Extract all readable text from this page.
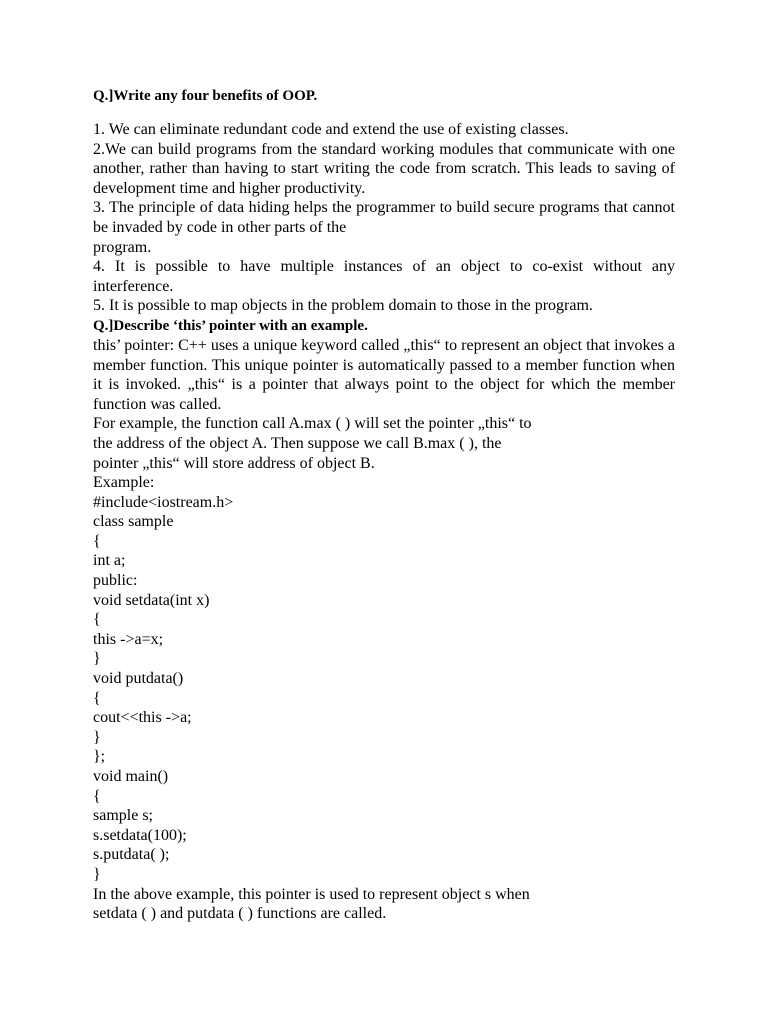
Q.]Write any four benefits of OOP.

1. We can eliminate redundant code and extend the use of existing classes.

2.We can build programs from the standard working modules that communicate with one another, rather than having to start writing the code from scratch. This leads to saving of development time and higher productivity.

3. The principle of data hiding helps the programmer to build secure programs that cannot be invaded by code in other parts of the

program.

4. It is possible to have multiple instances of an object to co-exist without any interference.

5. It is possible to map objects in the problem domain to those in the program.

Q.]Describe ‘this’ pointer with an example.

this’ pointer: C++ uses a unique keyword called „this“ to represent an object that invokes a member function. This unique pointer is automatically passed to a member function when it is invoked. „this“ is a pointer that always point to the object for which the member function was called.

For example, the function call A.max ( ) will set the pointer „this“ to

the address of the object A. Then suppose we call B.max ( ), the

pointer „this“ will store address of object B.

Example:

#include<iostream.h>

class sample

{

int a;

public:

void setdata(int x)

{

this ->a=x;

}

void putdata()

{

cout<<this ->a;

}

};

void main()

{

sample s;

s.setdata(100);

s.putdata( );

}

In the above example, this pointer is used to represent object s when

setdata ( ) and putdata ( ) functions are called.
